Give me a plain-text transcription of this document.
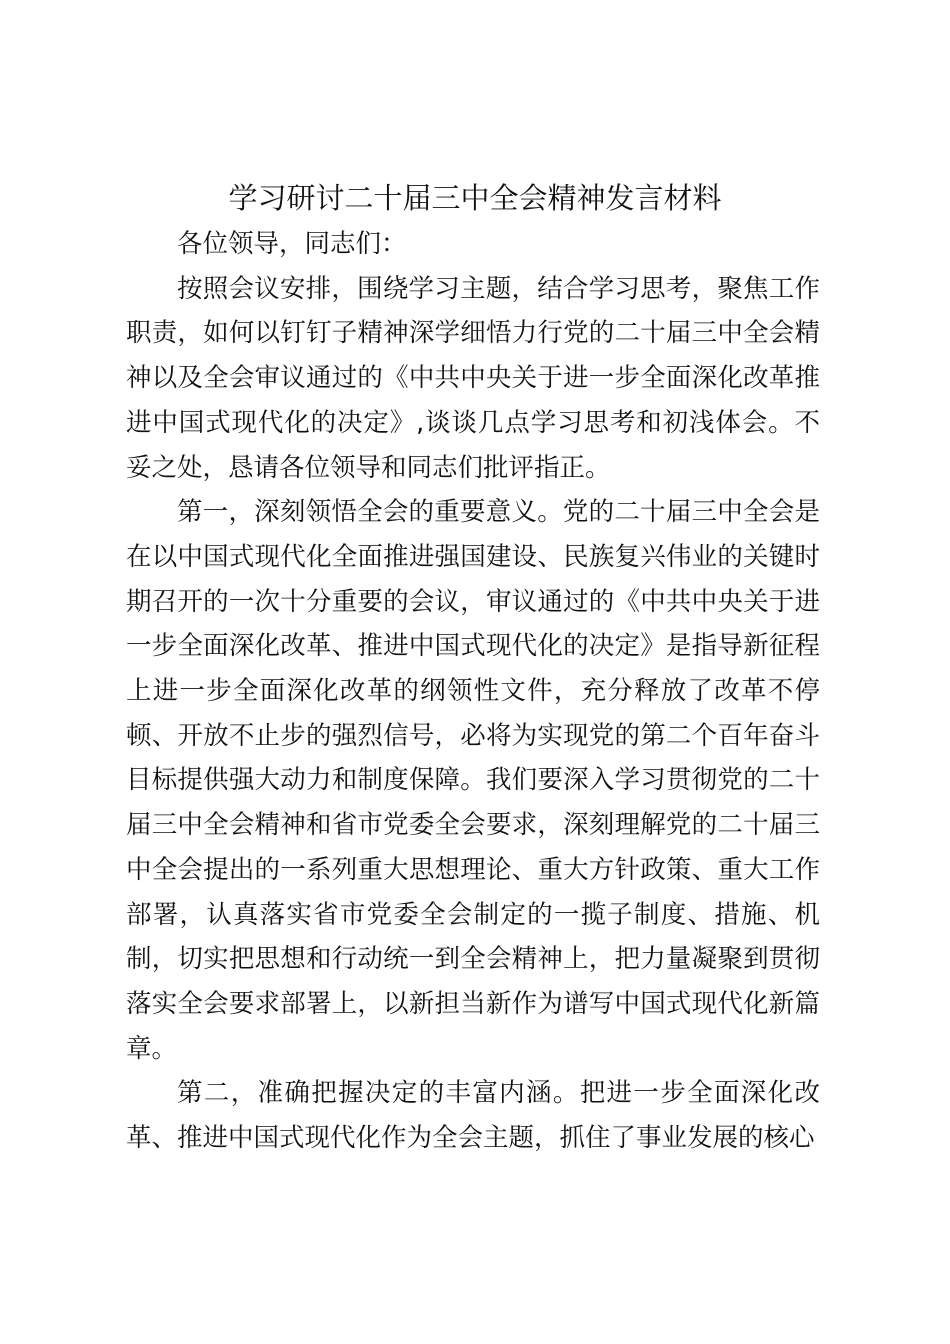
学习研讨二十届三中全会精神发言材料

各位领导，同志们：

按照会议安排，围绕学习主题，结合学习思考，聚焦工作职责，如何以钉钉子精神深学细悟力行党的二十届三中全会精神以及全会审议通过的《中共中央关于进一步全面深化改革推进中国式现代化的决定》,谈谈几点学习思考和初浅体会。不妥之处，恳请各位领导和同志们批评指正。

第一，深刻领悟全会的重要意义。党的二十届三中全会是在以中国式现代化全面推进强国建设、民族复兴伟业的关键时期召开的一次十分重要的会议，审议通过的《中共中央关于进一步全面深化改革、推进中国式现代化的决定》是指导新征程上进一步全面深化改革的纲领性文件，充分释放了改革不停顿、开放不止步的强烈信号，必将为实现党的第二个百年奋斗目标提供强大动力和制度保障。我们要深入学习贯彻党的二十届三中全会精神和省市党委全会要求，深刻理解党的二十届三中全会提出的一系列重大思想理论、重大方针政策、重大工作部署，认真落实省市党委全会制定的一揽子制度、措施、机制，切实把思想和行动统一到全会精神上，把力量凝聚到贯彻落实全会要求部署上，以新担当新作为谱写中国式现代化新篇章。

第二，准确把握决定的丰富内涵。把进一步全面深化改革、推进中国式现代化作为全会主题，抓住了事业发展的核心
